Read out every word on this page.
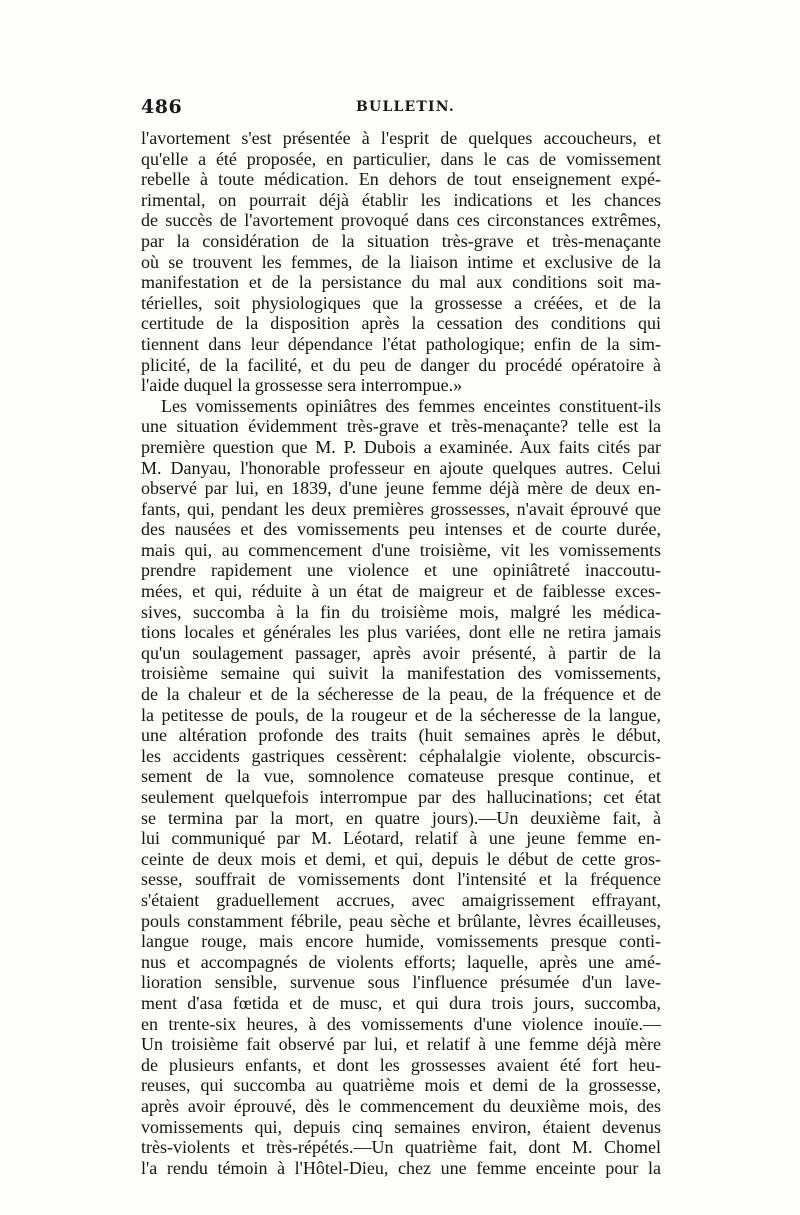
486	BULLETIN.

l'avortement s'est présentée à l'esprit de quelques accoucheurs, et

qu'elle a été proposée, en particulier, dans le cas de vomissement

rebelle à toute médication. En dehors de tout enseignement expé-

rimental, on pourrait déjà établir les indications et les chances

de succès de l'avortement provoqué dans ces circonstances extrêmes,

par la considération de la situation très-grave et très-menaçante

où se trouvent les femmes, de la liaison intime et exclusive de la

manifestation et de la persistance du mal aux conditions soit ma-

térielles, soit physiologiques que la grossesse a créées, et de la

certitude de la disposition après la cessation des conditions qui

tiennent dans leur dépendance l'état pathologique; enfin de la sim-

plicité, de la facilité, et du peu de danger du procédé opératoire à

l'aide duquel la grossesse sera interrompue.»

Les vomissements opiniâtres des femmes enceintes constituent-ils

une situation évidemment très-grave et très-menaçante? telle est la

première question que M. P. Dubois a examinée. Aux faits cités par

M. Danyau, l'honorable professeur en ajoute quelques autres. Celui

observé par lui, en 1839, d'une jeune femme déjà mère de deux en-

fants, qui, pendant les deux premières grossesses, n'avait éprouvé que

des nausées et des vomissements peu intenses et de courte durée,

mais qui, au commencement d'une troisième, vit les vomissements

prendre rapidement une violence et une opiniâtreté inaccoutu-

mées, et qui, réduite à un état de maigreur et de faiblesse exces-

sives, succomba à la fin du troisième mois, malgré les médica-

tions locales et générales les plus variées, dont elle ne retira jamais

qu'un soulagement passager, après avoir présenté, à partir de la

troisième semaine qui suivit la manifestation des vomissements,

de la chaleur et de la sécheresse de la peau, de la fréquence et de

la petitesse de pouls, de la rougeur et de la sécheresse de la langue,

une altération profonde des traits (huit semaines après le début,

les accidents gastriques cessèrent: céphalalgie violente, obscurcis-

sement de la vue, somnolence comateuse presque continue, et

seulement quelquefois interrompue par des hallucinations; cet état

se termina par la mort, en quatre jours).—Un deuxième fait, à

lui communiqué par M. Léotard, relatif à une jeune femme en-

ceinte de deux mois et demi, et qui, depuis le début de cette gros-

sesse, souffrait de vomissements dont l'intensité et la fréquence

s'étaient graduellement accrues, avec amaigrissement effrayant,

pouls constamment fébrile, peau sèche et brûlante, lèvres écailleuses,

langue rouge, mais encore humide, vomissements presque conti-

nus et accompagnés de violents efforts; laquelle, après une amé-

lioration sensible, survenue sous l'influence présumée d'un lave-

ment d'asa fœtida et de musc, et qui dura trois jours, succomba,

en trente-six heures, à des vomissements d'une violence inouïe.—

Un troisième fait observé par lui, et relatif à une femme déjà mère

de plusieurs enfants, et dont les grossesses avaient été fort heu-

reuses, qui succomba au quatrième mois et demi de la grossesse,

après avoir éprouvé, dès le commencement du deuxième mois, des

vomissements qui, depuis cinq semaines environ, étaient devenus

très-violents et très-répétés.—Un quatrième fait, dont M. Chomel

l'a rendu témoin à l'Hôtel-Dieu, chez une femme enceinte pour la
